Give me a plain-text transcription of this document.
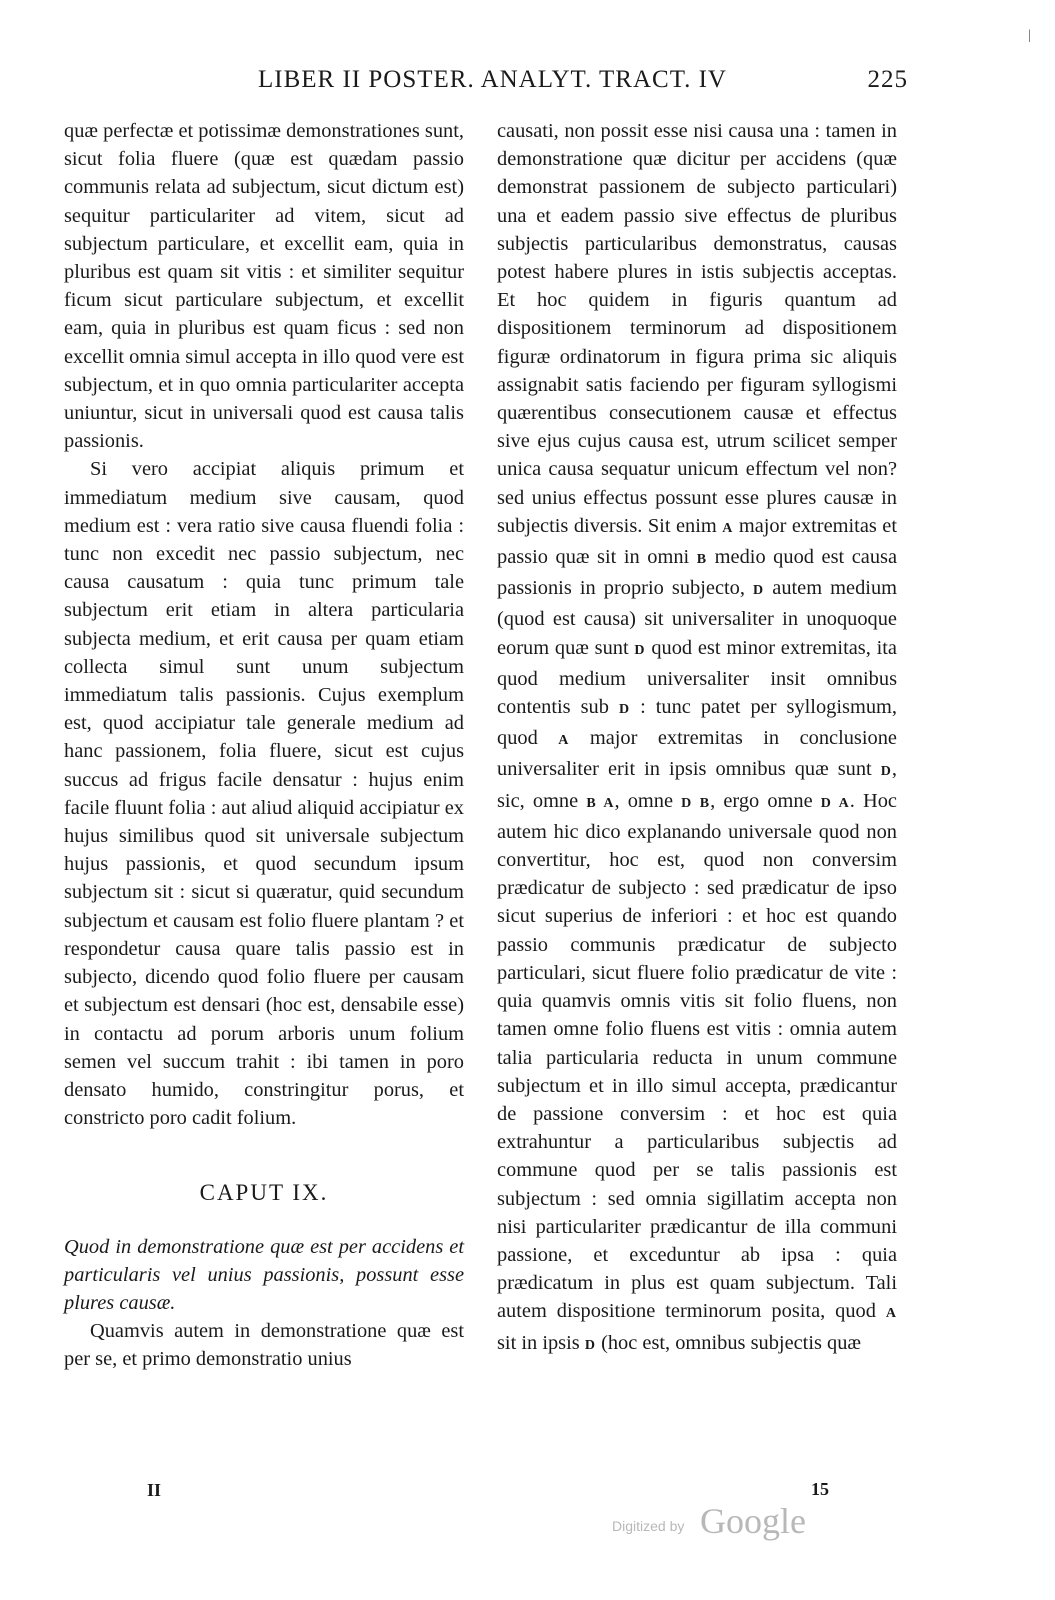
LIBER II POSTER. ANALYT. TRACT. IV	225
|

quæ perfectæ et potissimæ demonstrationes sunt, sicut folia fluere (quæ est quædam passio communis relata ad subjectum, sicut dictum est) sequitur particulariter ad vitem, sicut ad subjectum particulare, et excellit eam, quia in pluribus est quam sit vitis : et similiter sequitur ficum sicut particulare subjectum, et excellit eam, quia in pluribus est quam ficus : sed non excellit omnia simul accepta in illo quod vere est subjectum, et in quo omnia particulariter accepta uniuntur, sicut in universali quod est causa talis passionis.

Si vero accipiat aliquis primum et immediatum medium sive causam, quod medium est : vera ratio sive causa fluendi folia : tunc non excedit nec passio subjectum, nec causa causatum : quia tunc primum tale subjectum erit etiam in altera particularia subjecta medium, et erit causa per quam etiam collecta simul sunt unum subjectum immediatum talis passionis. Cujus exemplum est, quod accipiatur tale generale medium ad hanc passionem, folia fluere, sicut est cujus succus ad frigus facile densatur : hujus enim facile fluunt folia : aut aliud aliquid accipiatur ex hujus similibus quod sit universale subjectum hujus passionis, et quod secundum ipsum subjectum sit : sicut si quæratur, quid secundum subjectum et causam est folio fluere plantam ? et respondetur causa quare talis passio est in subjecto, dicendo quod folio fluere per causam et subjectum est densari (hoc est, densabile esse) in contactu ad porum arboris unum folium semen vel succum trahit : ibi tamen in poro densato humido, constringitur porus, et constricto poro cadit folium.

CAPUT IX.

Quod in demonstratione quæ est per accidens et particularis vel unius passionis, possunt esse plures causæ.

Quamvis autem in demonstratione quæ est per se, et primo demonstratio unius

causati, non possit esse nisi causa una : tamen in demonstratione quæ dicitur per accidens (quæ demonstrat passionem de subjecto particulari) una et eadem passio sive effectus de pluribus subjectis particularibus demonstratus, causas potest habere plures in istis subjectis acceptas. Et hoc quidem in figuris quantum ad dispositionem terminorum ad dispositionem figuræ ordinatorum in figura prima sic aliquis assignabit satis faciendo per figuram syllogismi quærentibus consecutionem causæ et effectus sive ejus cujus causa est, utrum scilicet semper unica causa sequatur unicum effectum vel non? sed unius effectus possunt esse plures causæ in subjectis diversis. Sit enim A major extremitas et passio quæ sit in omni B medio quod est causa passionis in proprio subjecto, D autem medium (quod est causa) sit universaliter in unoquoque eorum quæ sunt D quod est minor extremitas, ita quod medium universaliter insit omnibus contentis sub D : tunc patet per syllogismum, quod A major extremitas in conclusione universaliter erit in ipsis omnibus quæ sunt D, sic, omne B A, omne D B, ergo omne D A. Hoc autem hic dico explanando universale quod non convertitur, hoc est, quod non conversim prædicatur de subjecto : sed prædicatur de ipso sicut superius de inferiori : et hoc est quando passio communis prædicatur de subjecto particulari, sicut fluere folio prædicatur de vite : quia quamvis omnis vitis sit folio fluens, non tamen omne folio fluens est vitis : omnia autem talia particularia reducta in unum commune subjectum et in illo simul accepta, prædicantur de passione conversim : et hoc est quia extrahuntur a particularibus subjectis ad commune quod per se talis passionis est subjectum : sed omnia sigillatim accepta non nisi particulariter prædicantur de illa communi passione, et exceduntur ab ipsa : quia prædicatum in plus est quam subjectum. Tali autem dispositione terminorum posita, quod A sit in ipsis D (hoc est, omnibus subjectis quæ

II	15
Digitized by Google
